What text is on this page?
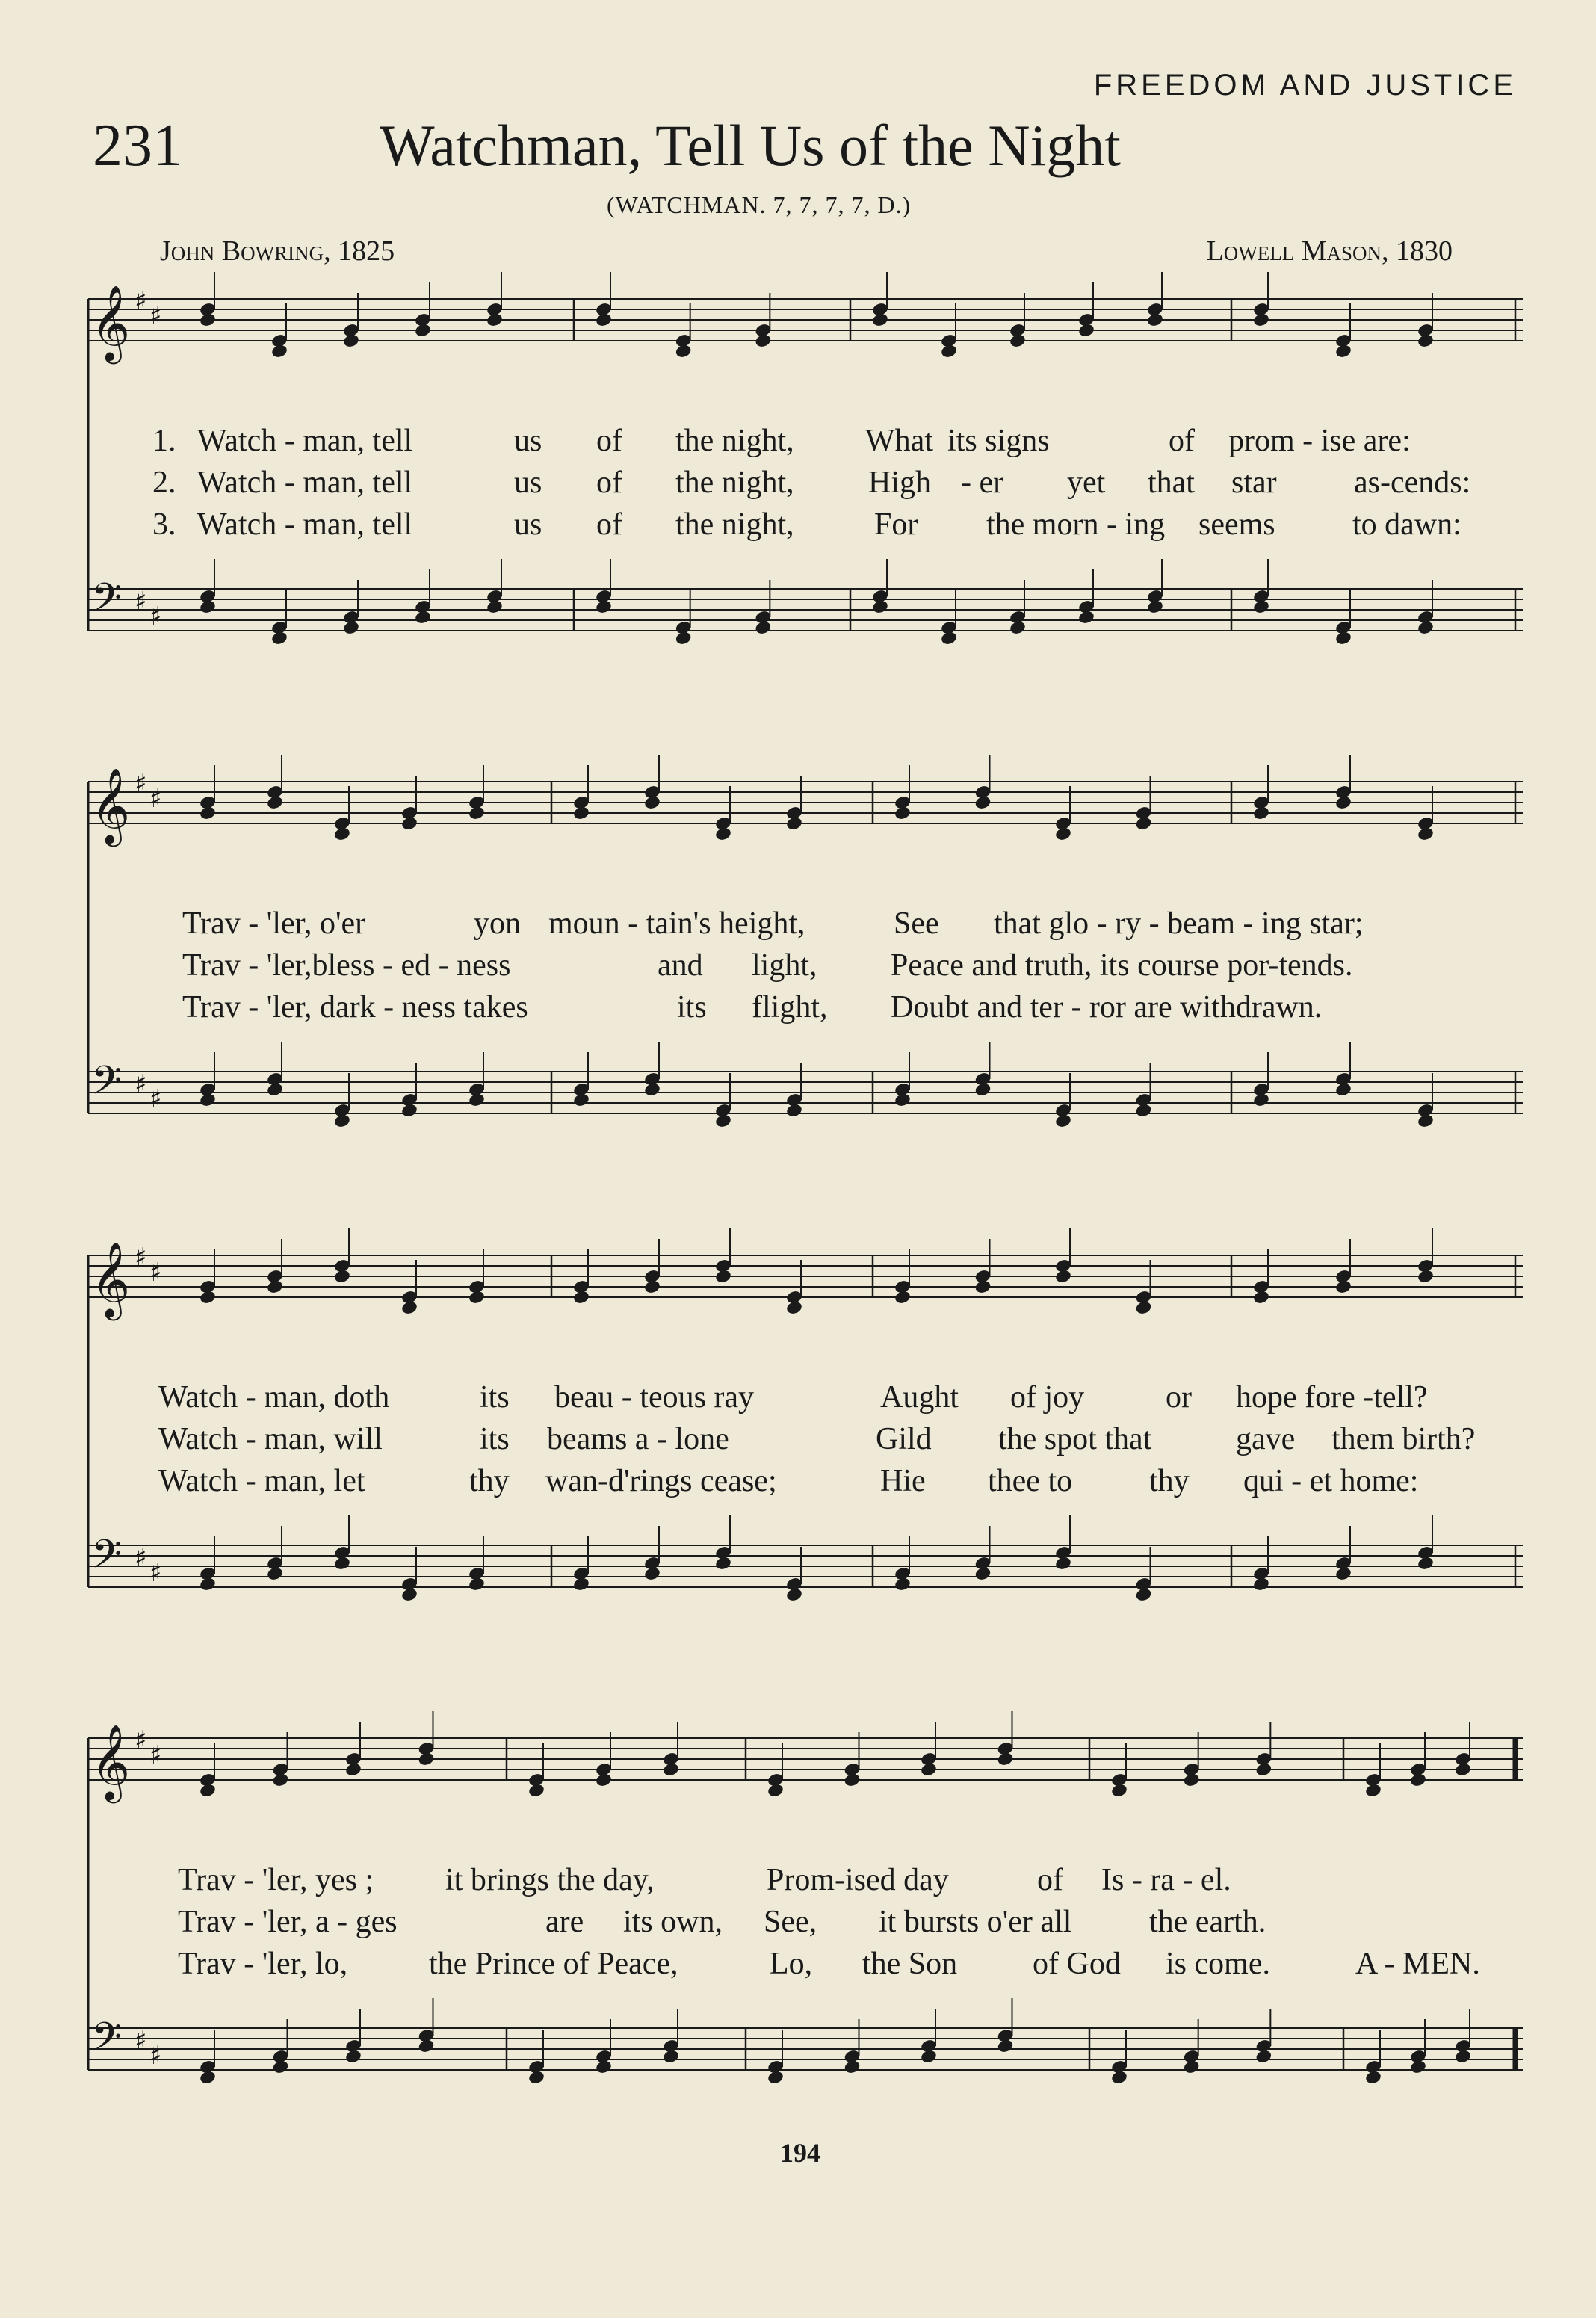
FREEDOM AND JUSTICE
231	Watchman, Tell Us of the Night
(WATCHMAN. 7, 7, 7, 7, D.)
John Bowring, 1825	Lowell Mason, 1830
𝄞 ♯ ♯
𝄢 ♯ ♯
1. Watch - man, tell	us of the night, What its signs	of prom - ise are:
2. Watch - man, tell	us of the night, High - er yet that star as-cends:
3. Watch - man, tell	us of the night,	For the morn - ing seems to dawn:
𝄞 ♯ ♯
𝄢 ♯ ♯
Trav - 'ler, o'er	yon moun - tain's height,	See that glo - ry - beam - ing star;
Trav - 'ler,bless - ed - ness	and light, Peace and truth, its course por-tends.
Trav - 'ler, dark - ness takes	its flight, Doubt and ter - ror are withdrawn.
𝄞 ♯ ♯
𝄢 ♯ ♯
Watch - man, doth	its beau - teous ray	Aught of joy	or hope fore -tell?
Watch - man, will	its beams a - lone	Gild the spot that	gave them birth?
Watch - man, let	thy wan-d'rings cease;	Hie thee to thy qui - et home:
𝄞 ♯ ♯
𝄢 ♯ ♯
Trav - 'ler, yes ; it brings the day,	Prom-ised day	of Is - ra - el.
Trav - 'ler, a - ges	are its own, See, it bursts o'er all the earth.
Trav - 'ler, lo,	the Prince of Peace,	Lo, the Son of God is come.	A - MEN.
194
